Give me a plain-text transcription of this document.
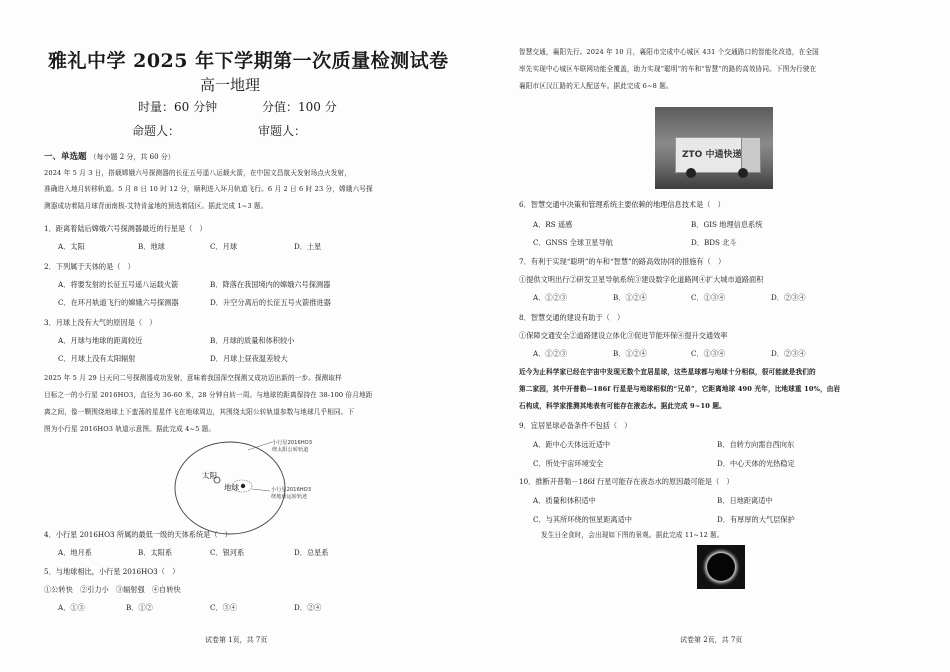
雅礼中学 2025 年下学期第一次质量检测试卷
高一地理
时量：60 分钟	分值：100 分
命题人：	审题人：
一、单选题 （每小题 2 分，共 60 分）
2024 年 5 月 3 日，搭载嫦娥六号探测器的长征五号遥八运载火箭，在中国文昌航天发射场点火发射，
准确进入地月转移轨道。5 月 8 日 10 时 12 分，顺利进入环月轨道飞行。6 月 2 日 6 时 23 分，嫦娥六号探
测器成功着陆月球背面南极-艾特肯盆地的预选着陆区。据此完成 1~3 题。
1．距离着陆后嫦娥六号探测器最近的行星是（　）
A．太阳	B．地球	C．月球	D．土星
2．下列属于天体的是（　）
A．将要发射的长征五号遥八运载火箭	B．降落在我国境内的嫦娥六号探测器
C．在环月轨道飞行的嫦娥六号探测器	D．升空分离后的长征五号火箭推进器
3．月球上没有大气的原因是（　）
A．月球与地球的距离较近	B．月球的质量和体积较小
C．月球上没有太阳辐射	D．月球上昼夜温差较大
2025 年 5 月 29 日天问二号探测器成功发射，意味着我国深空探测又成功迈出新的一步。探测取样
目标之一的小行星 2016HO3，直径为 36-60 米，28 分钟自转一周。与地球的距离保持在 38-100 倍月地距
离之间，像一颗围绕地球上下蛮荡的星星伴飞在地球周边，其围绕太阳公转轨道参数与地球几乎相同。下
图为小行星 2016HO3 轨道示意图。据此完成 4~5 题。
小行星2016HO3
绕太阳公转轨道
太阳
地球	小行星2016HO3
绕地球运转轨迹
4．小行星 2016HO3 所属的最低一级的天体系统是（　）
A．地月系	B．太阳系	C．银河系	D．总星系
5．与地球相比，小行星 2016HO3（　）
①公转快　②引力小　③辐射强　④自转快
A．①③	B．①②	C．③④	D．②④
试卷第 1页，共 7页
智慧交通，襄阳先行。2024 年 10 月，襄阳市完成中心城区 431 个交通路口的智能化改造，在全国
率先实现中心城区车联网功能全覆盖，助力实现“聪明”的车和“智慧”的路的高效协同。下图为行驶在
襄阳市区汉江路的无人配送车。据此完成 6~8 题。
ZTO 中通快递
6．智慧交通中决策和管理系统主要依赖的地理信息技术是（　）
A．RS 遥感	B．GIS 地理信息系统
C．GNSS 全球卫星导航	D．BDS 北斗
7．有利于实现“聪明”的车和“智慧”的路高效协同的措施有（　）
①提供文明出行②研发卫星导航系统③建设数字化道路网④扩大城市道路面积
A．①②③	B．①②④	C．①③④	D．②③④
8．智慧交通的建设有助于（　）
①保障交通安全②道路建设立体化③促进节能环保④提升交通效率
A．①②③	B．①②④	C．①③④	D．②③④
近今为止科学家已经在宇宙中发现无数个宜居星球，这些星球都与地球十分相似，很可能就是我们的
第二家园，其中开普勒—186f 行星是与地球相似的“兄弟”，它距离地球 490 光年，比地球重 10%，由岩
石构成，科学家推测其地表有可能存在液态水。据此完成 9~10 题。
9．宜居星球必备条件不包括（　）
A．距中心天体远近适中	B．自转方向需自西向东
C．所处宇宙环境安全	D．中心天体的光热稳定
10．推断开普勒－186f 行星可能存在液态水的原因最可能是（　）
A．质量和体积适中	B．日地距离适中
C．与其所环绕的恒星距离适中	D．有厚厚的大气层保护
发生日全食时，会出现如下图的景观。据此完成 11~12 题。
试卷第 2页，共 7页
